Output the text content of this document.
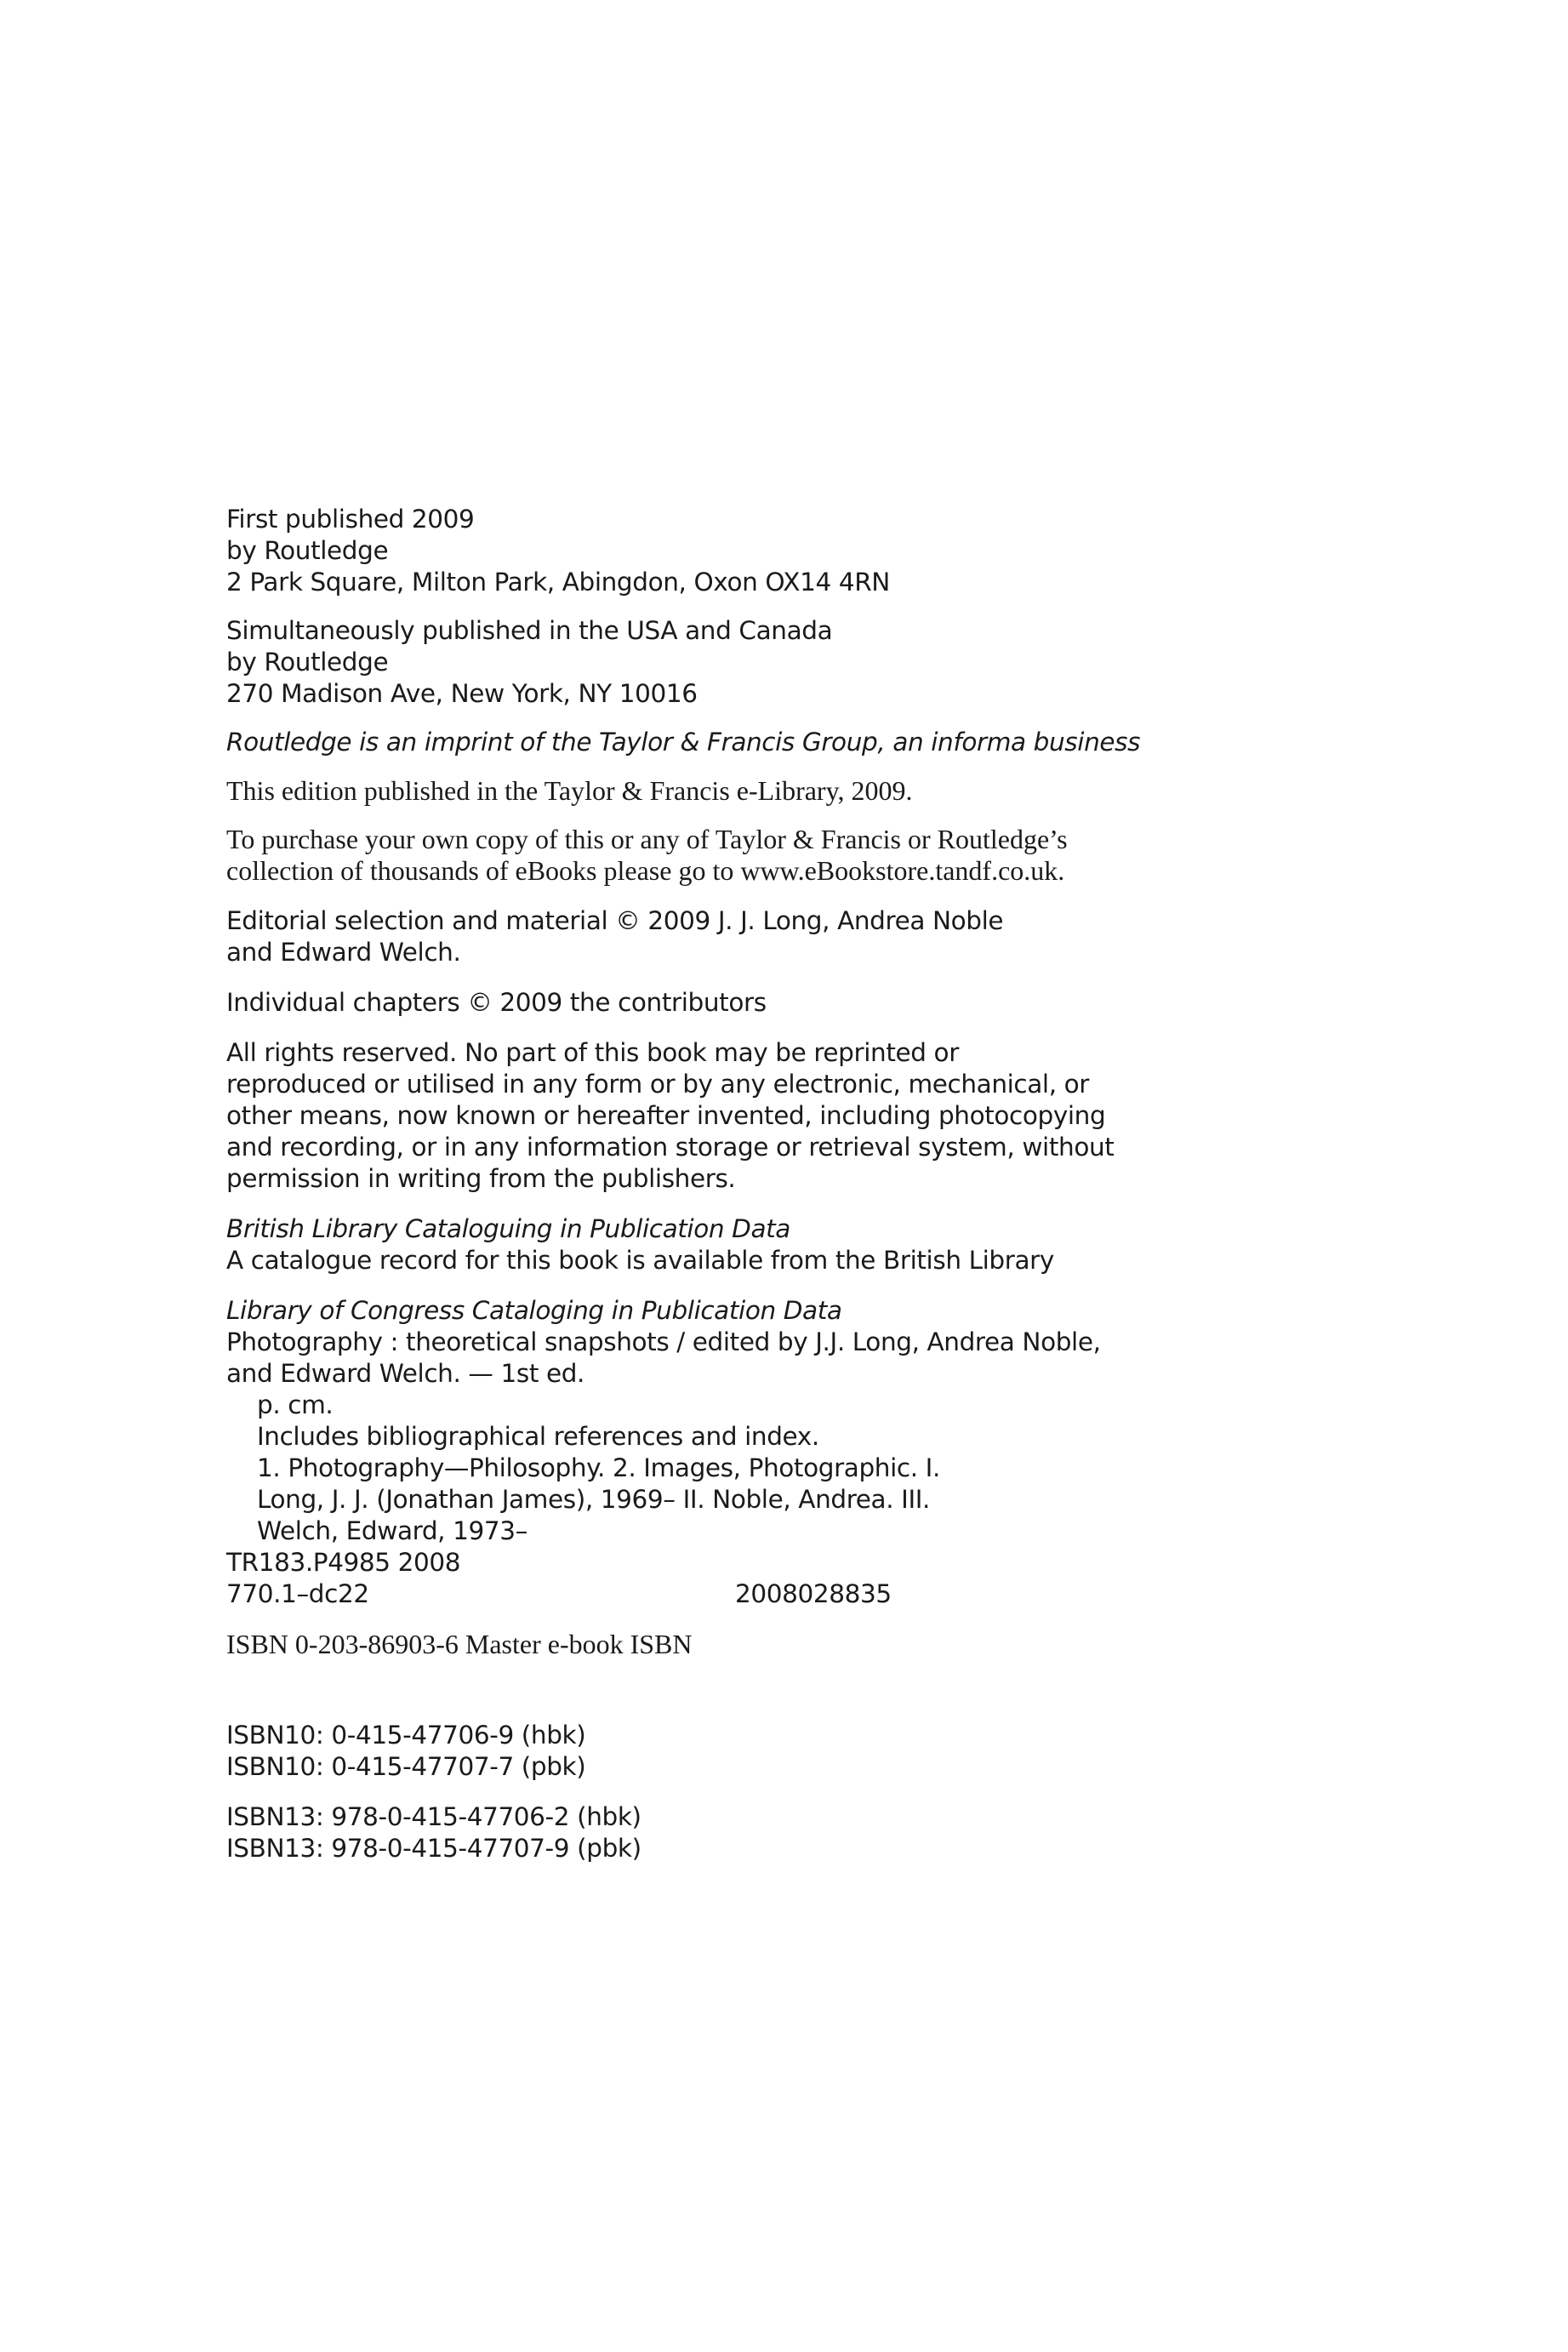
First published 2009
by Routledge
2 Park Square, Milton Park, Abingdon, Oxon OX14 4RN
Simultaneously published in the USA and Canada
by Routledge
270 Madison Ave, New York, NY 10016
Routledge is an imprint of the Taylor & Francis Group, an informa business
This edition published in the Taylor & Francis e-Library, 2009.
To purchase your own copy of this or any of Taylor & Francis or Routledge’s
collection of thousands of eBooks please go to www.eBookstore.tandf.co.uk.
Editorial selection and material © 2009 J. J. Long, Andrea Noble
and Edward Welch.
Individual chapters © 2009 the contributors
All rights reserved. No part of this book may be reprinted or
reproduced or utilised in any form or by any electronic, mechanical, or
other means, now known or hereafter invented, including photocopying
and recording, or in any information storage or retrieval system, without
permission in writing from the publishers.
British Library Cataloguing in Publication Data
A catalogue record for this book is available from the British Library
Library of Congress Cataloging in Publication Data
Photography : theoretical snapshots / edited by J.J. Long, Andrea Noble,
and Edward Welch. — 1st ed.
p. cm.
Includes bibliographical references and index.
1. Photography—Philosophy. 2. Images, Photographic. I.
Long, J. J. (Jonathan James), 1969– II. Noble, Andrea. III.
Welch, Edward, 1973–
TR183.P4985 2008
770.1–dc22	2008028835
ISBN 0-203-86903-6 Master e-book ISBN
ISBN10: 0-415-47706-9 (hbk)
ISBN10: 0-415-47707-7 (pbk)
ISBN13: 978-0-415-47706-2 (hbk)
ISBN13: 978-0-415-47707-9 (pbk)
